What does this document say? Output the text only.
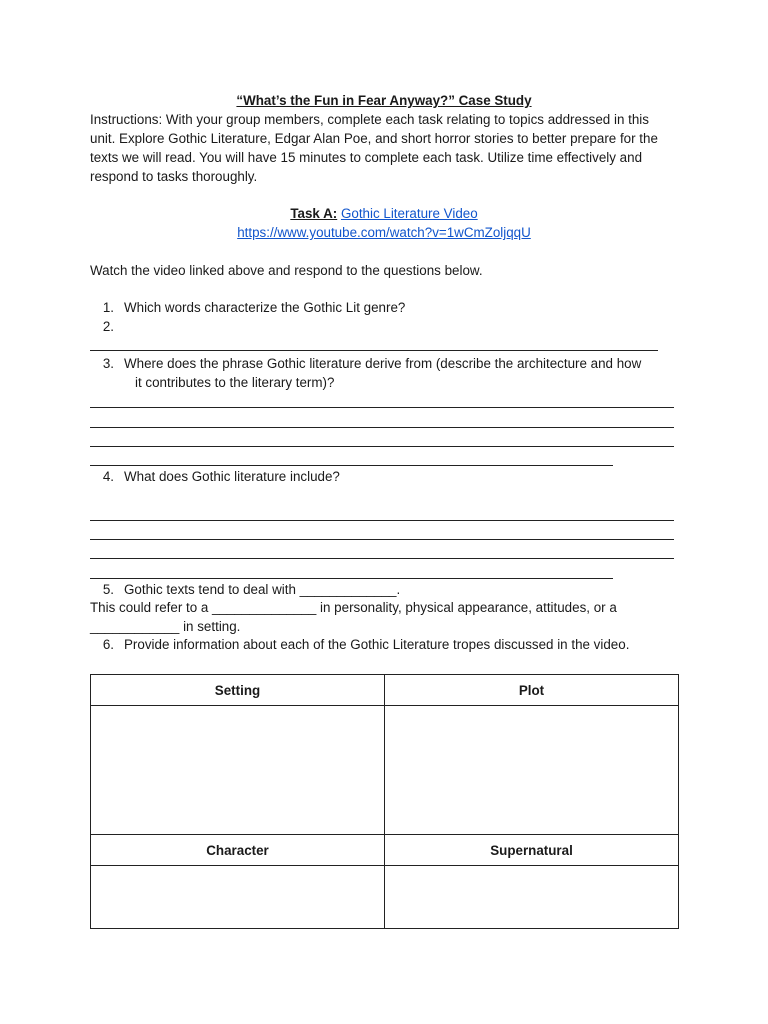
“What’s the Fun in Fear Anyway?” Case Study
Instructions: With your group members, complete each task relating to topics addressed in this
unit. Explore Gothic Literature, Edgar Alan Poe, and short horror stories to better prepare for the
texts we will read. You will have 15 minutes to complete each task. Utilize time effectively and
respond to tasks thoroughly.
Task A: Gothic Literature Video
https://www.youtube.com/watch?v=1wCmZoljqqU
Watch the video linked above and respond to the questions below.
1. Which words characterize the Gothic Lit genre?
2.
3. Where does the phrase Gothic literature derive from (describe the architecture and how
it contributes to the literary term)?
4. What does Gothic literature include?
5. Gothic texts tend to deal with _____________.
This could refer to a ______________ in personality, physical appearance, attitudes, or a
____________ in setting.
6. Provide information about each of the Gothic Literature tropes discussed in the video.
Setting	Plot

Character	Supernatural
